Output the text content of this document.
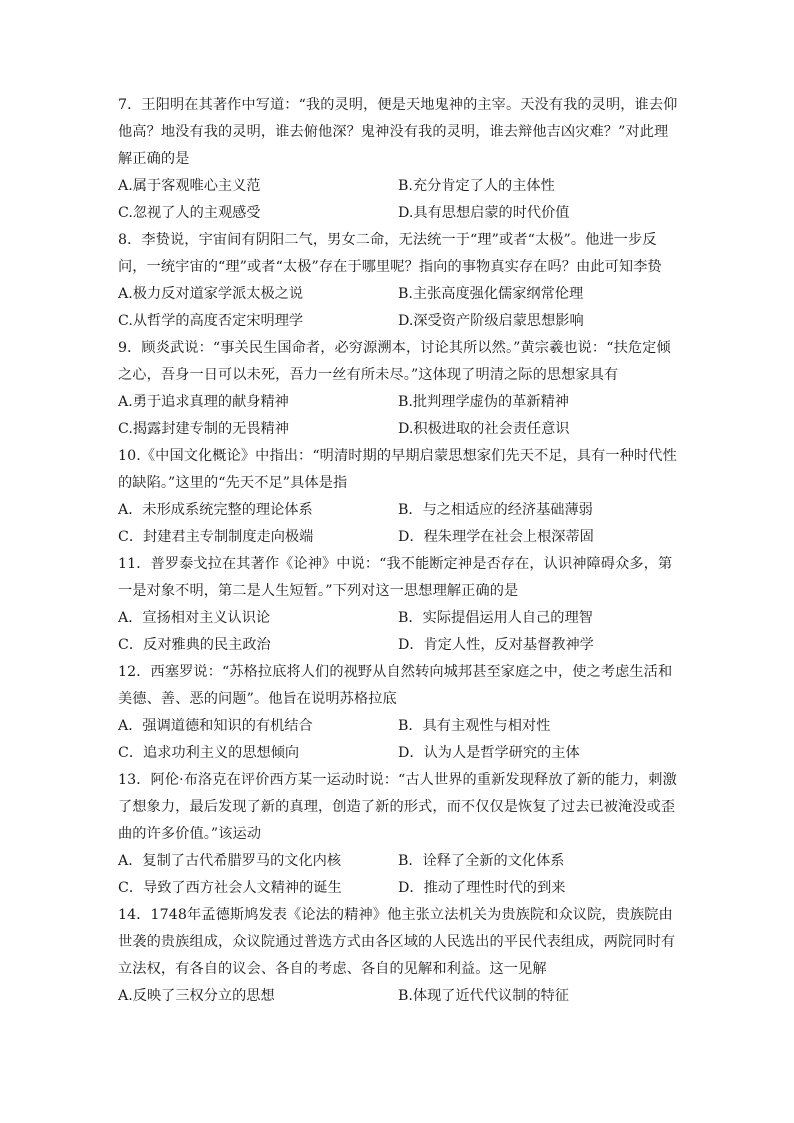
7．王阳明在其著作中写道：“我的灵明，便是天地鬼神的主宰。天没有我的灵明，谁去仰他高？地没有我的灵明，谁去俯他深？鬼神没有我的灵明，谁去辩他吉凶灾难？”对此理解正确的是

A.属于客观唯心主义范	B.充分肯定了人的主体性
C.忽视了人的主观感受	D.具有思想启蒙的时代价值

8．李贽说，宇宙间有阴阳二气，男女二命，无法统一于“理”或者“太极”。他进一步反问，一统宇宙的“理”或者“太极”存在于哪里呢？指向的事物真实存在吗？由此可知李贽

A.极力反对道家学派太极之说	B.主张高度强化儒家纲常伦理
C.从哲学的高度否定宋明理学	D.深受资产阶级启蒙思想影响

9．顾炎武说：“事关民生国命者，必穷源溯本，讨论其所以然。”黄宗羲也说：“扶危定倾之心，吾身一日可以未死，吾力一丝有所未尽。”这体现了明清之际的思想家具有

A.勇于追求真理的献身精神	B.批判理学虚伪的革新精神
C.揭露封建专制的无畏精神	D.积极进取的社会责任意识

10.《中国文化概论》中指出：“明清时期的早期启蒙思想家们先天不足，具有一种时代性的缺陷。”这里的“先天不足”具体是指

A．未形成系统完整的理论体系	B．与之相适应的经济基础薄弱
C．封建君主专制制度走向极端	D．程朱理学在社会上根深蒂固

11．普罗泰戈拉在其著作《论神》中说：“我不能断定神是否存在，认识神障碍众多，第一是对象不明，第二是人生短暂。”下列对这一思想理解正确的是

A．宣扬相对主义认识论	B．实际提倡运用人自己的理智
C．反对雅典的民主政治	D．肯定人性，反对基督教神学

12．西塞罗说：“苏格拉底将人们的视野从自然转向城邦甚至家庭之中，使之考虑生活和美德、善、恶的问题”。他旨在说明苏格拉底

A．强调道德和知识的有机结合	B．具有主观性与相对性
C．追求功利主义的思想倾向	D．认为人是哲学研究的主体

13．阿伦·布洛克在评价西方某一运动时说：“古人世界的重新发现释放了新的能力，刺激了想象力，最后发现了新的真理，创造了新的形式，而不仅仅是恢复了过去已被淹没或歪曲的许多价值。”该运动

A．复制了古代希腊罗马的文化内核	B．诠释了全新的文化体系
C．导致了西方社会人文精神的诞生	D．推动了理性时代的到来

14．1748年孟德斯鸠发表《论法的精神》他主张立法机关为贵族院和众议院，贵族院由世袭的贵族组成，众议院通过普选方式由各区域的人民选出的平民代表组成，两院同时有立法权，有各自的议会、各自的考虑、各自的见解和利益。这一见解

A.反映了三权分立的思想	B.体现了近代代议制的特征
